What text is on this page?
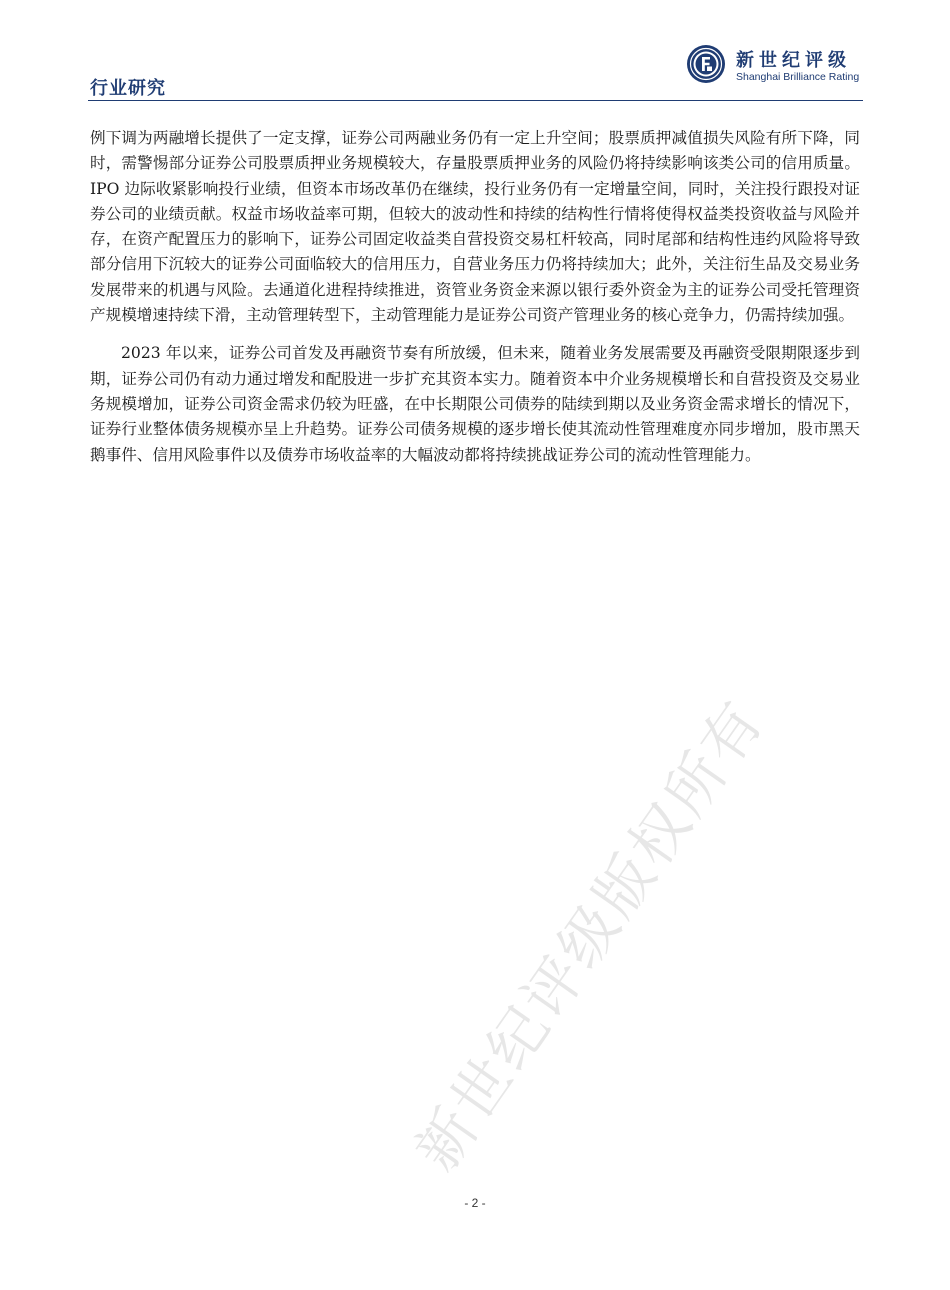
行业研究
新世纪评级
Shanghai Brilliance Rating

例下调为两融增长提供了一定支撑，证券公司两融业务仍有一定上升空间；股票质押减值损失风险有所下降，同时，需警惕部分证券公司股票质押业务规模较大，存量股票质押业务的风险仍将持续影响该类公司的信用质量。IPO 边际收紧影响投行业绩，但资本市场改革仍在继续，投行业务仍有一定增量空间，同时，关注投行跟投对证券公司的业绩贡献。权益市场收益率可期，但较大的波动性和持续的结构性行情将使得权益类投资收益与风险并存，在资产配置压力的影响下，证券公司固定收益类自营投资交易杠杆较高，同时尾部和结构性违约风险将导致部分信用下沉较大的证券公司面临较大的信用压力，自营业务压力仍将持续加大；此外，关注衍生品及交易业务发展带来的机遇与风险。去通道化进程持续推进，资管业务资金来源以银行委外资金为主的证券公司受托管理资产规模增速持续下滑，主动管理转型下，主动管理能力是证券公司资产管理业务的核心竞争力，仍需持续加强。

2023 年以来，证券公司首发及再融资节奏有所放缓，但未来，随着业务发展需要及再融资受限期限逐步到期，证券公司仍有动力通过增发和配股进一步扩充其资本实力。随着资本中介业务规模增长和自营投资及交易业务规模增加，证券公司资金需求仍较为旺盛，在中长期限公司债券的陆续到期以及业务资金需求增长的情况下，证券行业整体债务规模亦呈上升趋势。证券公司债务规模的逐步增长使其流动性管理难度亦同步增加，股市黑天鹅事件、信用风险事件以及债券市场收益率的大幅波动都将持续挑战证券公司的流动性管理能力。

新世纪评级版权所有
- 2 -
